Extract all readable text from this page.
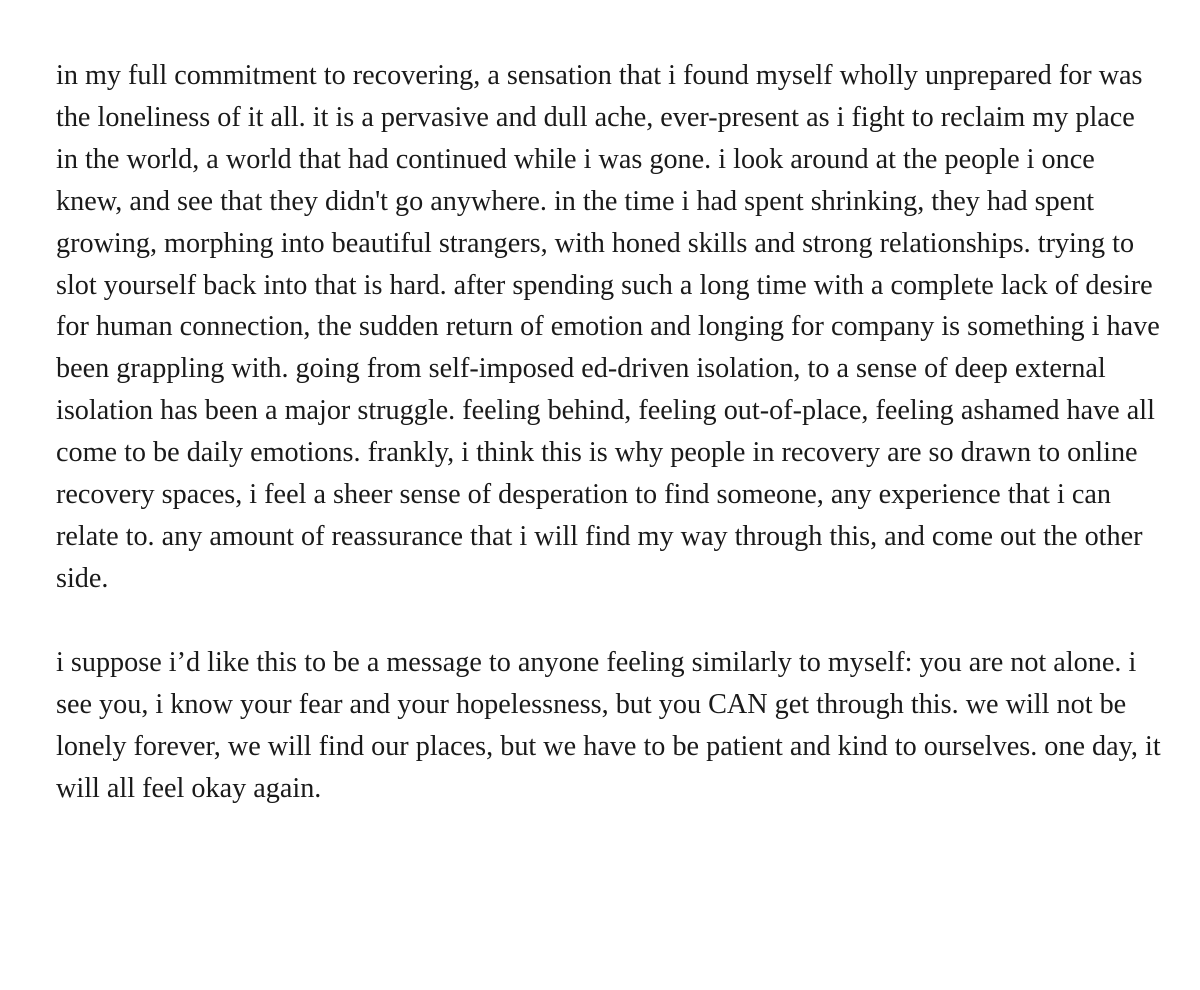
in my full commitment to recovering, a sensation that i found myself wholly unprepared for was the loneliness of it all. it is a pervasive and dull ache, ever-present as i fight to reclaim my place in the world, a world that had continued while i was gone. i look around at the people i once knew, and see that they didn't go anywhere. in the time i had spent shrinking, they had spent growing, morphing into beautiful strangers, with honed skills and strong relationships. trying to slot yourself back into that is hard. after spending such a long time with a complete lack of desire for human connection, the sudden return of emotion and longing for company is something i have been grappling with. going from self-imposed ed-driven isolation, to a sense of deep external isolation has been a major struggle. feeling behind, feeling out-of-place, feeling ashamed have all come to be daily emotions. frankly, i think this is why people in recovery are so drawn to online recovery spaces, i feel a sheer sense of desperation to find someone, any experience that i can relate to. any amount of reassurance that i will find my way through this, and come out the other side.

i suppose i’d like this to be a message to anyone feeling similarly to myself: you are not alone. i see you, i know your fear and your hopelessness, but you CAN get through this. we will not be lonely forever, we will find our places, but we have to be patient and kind to ourselves. one day, it will all feel okay again.
